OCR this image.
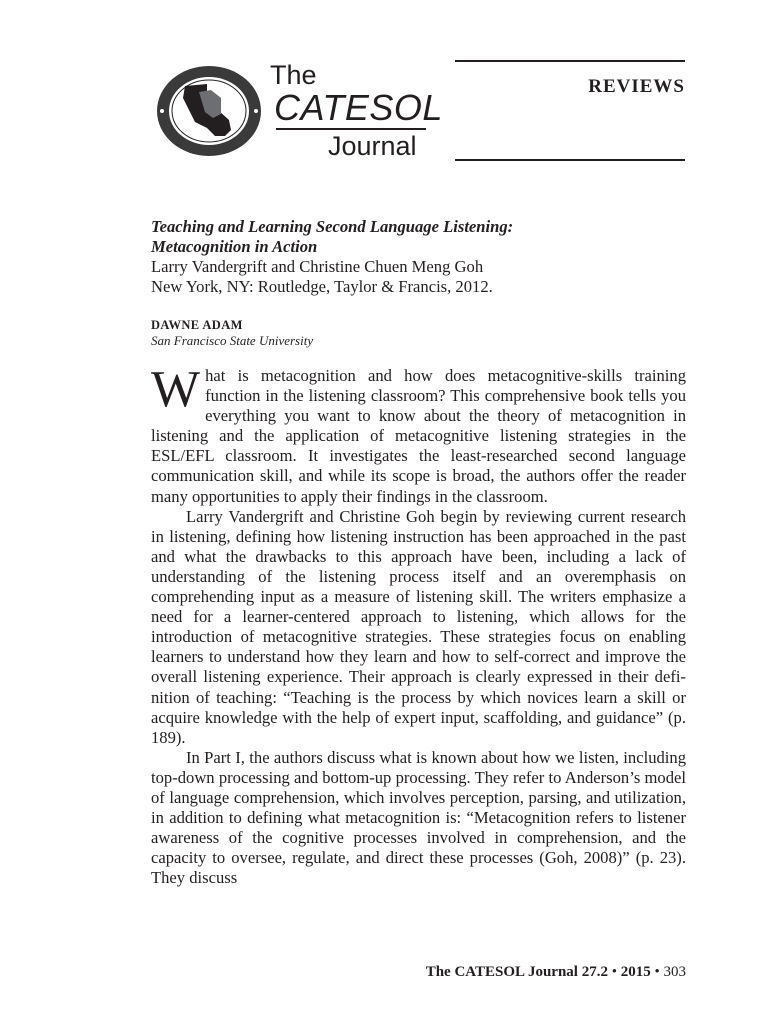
The
CATESOL
Journal
REVIEWS
Teaching and Learning Second Language Listening:
Metacognition in Action
Larry Vandergrift and Christine Chuen Meng Goh
New York, NY: Routledge, Taylor & Francis, 2012.
DAWNE ADAM
San Francisco State University

What is metacognition and how does metacognitive-skills training function in the listening classroom? This comprehensive book tells you everything you want to know about the theory of metacognition in listening and the application of metacognitive listening strategies in the ESL/EFL classroom. It investigates the least-researched second language communication skill, and while its scope is broad, the authors offer the reader many opportunities to apply their findings in the classroom.

Larry Vandergrift and Christine Goh begin by reviewing current research in listening, defining how listening instruction has been approached in the past and what the drawbacks to this approach have been, including a lack of understanding of the listening process itself and an overemphasis on comprehending input as a measure of listening skill. The writers emphasize a need for a learner-centered approach to listening, which allows for the introduction of metacognitive strategies. These strategies focus on enabling learners to understand how they learn and how to self-correct and improve the overall listening experience. Their approach is clearly expressed in their definition of teaching: “Teaching is the process by which novices learn a skill or acquire knowledge with the help of expert input, scaffolding, and guidance” (p. 189).

In Part I, the authors discuss what is known about how we listen, including top-down processing and bottom-up processing. They refer to Anderson’s model of language comprehension, which involves perception, parsing, and utilization, in addition to defining what metacognition is: “Metacognition refers to listener awareness of the cognitive processes involved in comprehension, and the capacity to oversee, regulate, and direct these processes (Goh, 2008)” (p. 23). They discuss

The CATESOL Journal 27.2 • 2015 • 303
